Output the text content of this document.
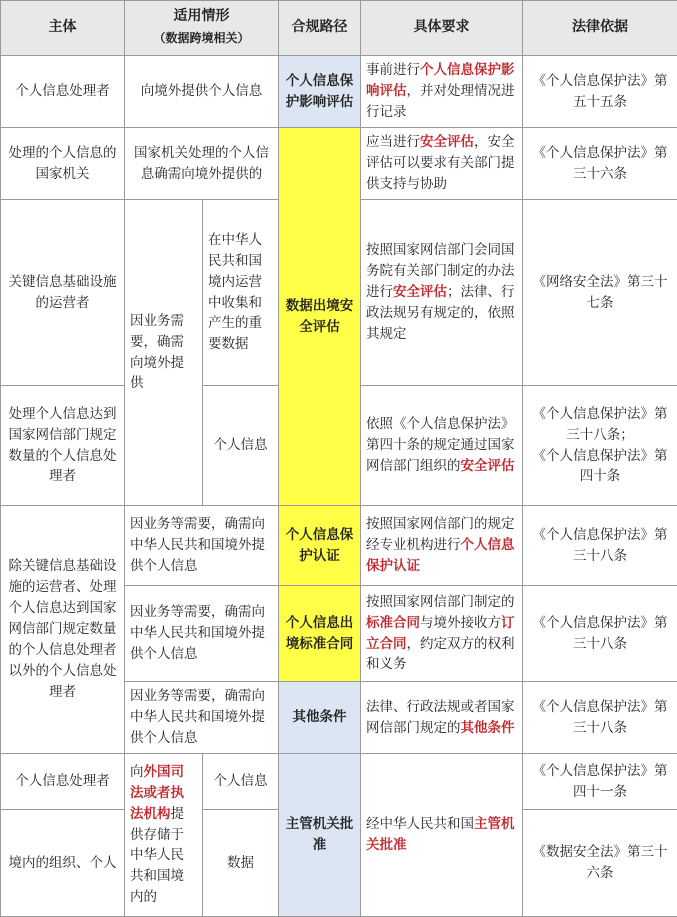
主体	适用情形
（数据跨境相关）		合规路径	具体要求	法律依据
个人信息处理者	向境外提供个人信息		个人信息保护影响评估	事前进行个人信息保护影响评估，并对处理情况进行记录	《个人信息保护法》第五十五条
处理的个人信息的国家机关	国家机关处理的个人信息确需向境外提供的		数据出境安全评估	应当进行安全评估，安全评估可以要求有关部门提供支持与协助	《个人信息保护法》第三十六条
关键信息基础设施的运营者	因业务需要，确需向境外提供	在中华人民共和国境内运营中收集和产生的重要数据		按照国家网信部门会同国务院有关部门制定的办法进行安全评估；法律、行政法规另有规定的，依照其规定	《网络安全法》第三十七条
处理个人信息达到国家网信部门规定数量的个人信息处理者		个人信息		依照《个人信息保护法》第四十条的规定通过国家网信部门组织的安全评估	《个人信息保护法》第三十八条；
《个人信息保护法》第四十条
除关键信息基础设施的运营者、处理个人信息达到国家网信部门规定数量的个人信息处理者以外的个人信息处理者	因业务等需要，确需向中华人民共和国境外提供个人信息		个人信息保护认证	按照国家网信部门的规定经专业机构进行个人信息保护认证	《个人信息保护法》第三十八条
	因业务等需要，确需向中华人民共和国境外提供个人信息		个人信息出境标准合同	按照国家网信部门制定的标准合同与境外接收方订立合同，约定双方的权利和义务	《个人信息保护法》第三十八条
	因业务等需要，确需向中华人民共和国境外提供个人信息		其他条件	法律、行政法规或者国家网信部门规定的其他条件	《个人信息保护法》第三十八条
个人信息处理者	向外国司法或者执法机构提供存储于中华人民共和国境内的	个人信息	主管机关批准	经中华人民共和国主管机关批准	《个人信息保护法》第四十一条
境内的组织、个人		数据			《数据安全法》第三十六条
